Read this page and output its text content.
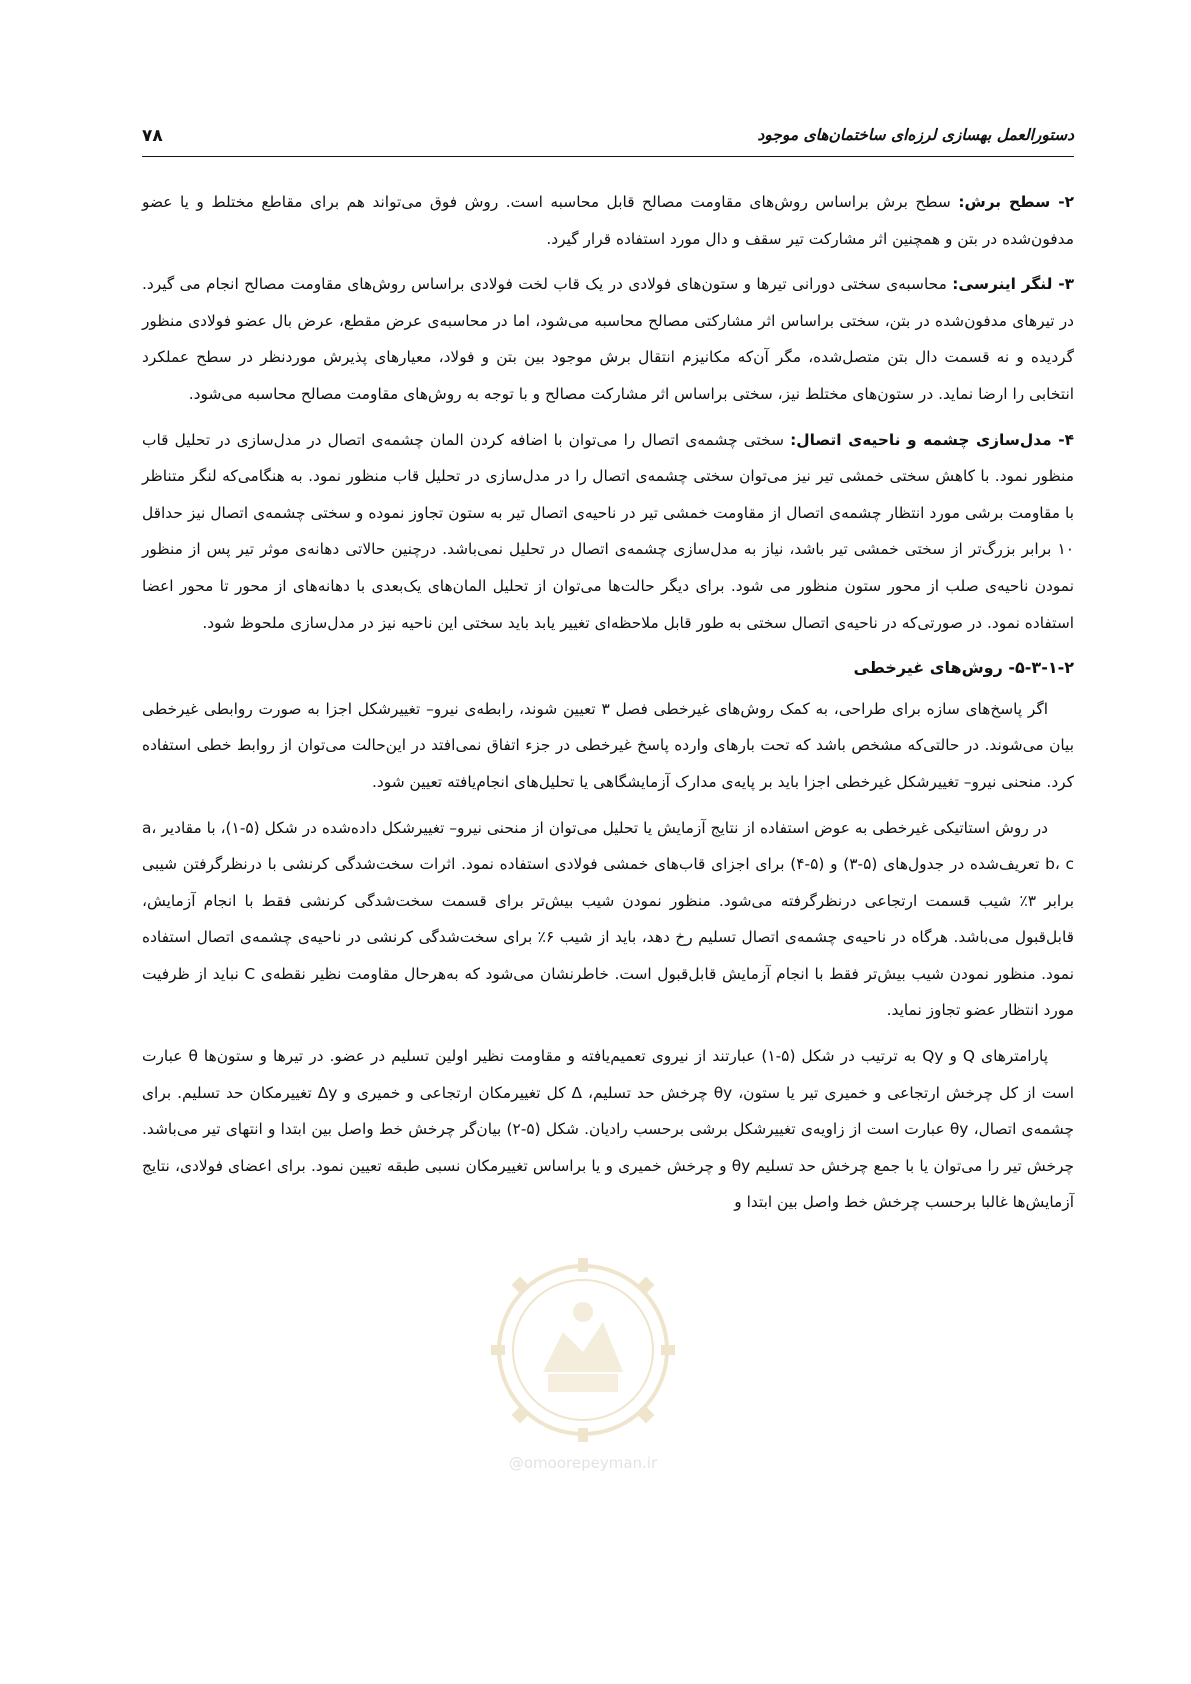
۷۸	دستورالعمل بهسازی لرزه‌ای ساختمان‌های موجود

۲- سطح برش: سطح برش براساس روش‌های مقاومت مصالح قابل محاسبه است. روش فوق می‌تواند هم برای مقاطع مختلط و یا عضو مدفون‌شده در بتن و همچنین اثر مشارکت تیر سقف و دال مورد استفاده قرار گیرد.

۳- لنگر اینرسی: محاسبه‌ی سختی دورانی تیرها و ستون‌های فولادی در یک قاب لخت فولادی براساس روش‌های مقاومت مصالح انجام می گیرد. در تیرهای مدفون‌شده در بتن، سختی براساس اثر مشارکتی مصالح محاسبه می‌شود، اما در محاسبه‌ی عرض مقطع، عرض بال عضو فولادی منظور گردیده و نه قسمت دال بتن متصل‌شده، مگر آن‌که مکانیزم انتقال برش موجود بین بتن و فولاد، معیارهای پذیرش موردنظر در سطح عملکرد انتخابی را ارضا نماید. در ستون‌های مختلط نیز، سختی براساس اثر مشارکت مصالح و با توجه به روش‌های مقاومت مصالح محاسبه می‌شود.

۴- مدل‌سازی چشمه و ناحیه‌ی اتصال: سختی چشمه‌ی اتصال را می‌توان با اضافه کردن المان چشمه‌ی اتصال در مدل‌سازی در تحلیل قاب منظور نمود. با کاهش سختی خمشی تیر نیز می‌توان سختی چشمه‌ی اتصال را در مدل‌سازی در تحلیل قاب منظور نمود. به هنگامی‌که لنگر متناظر با مقاومت برشی مورد انتظار چشمه‌ی اتصال از مقاومت خمشی تیر در ناحیه‌ی اتصال تیر به ستون تجاوز نموده و سختی چشمه‌ی اتصال نیز حداقل ۱۰ برابر بزرگ‌تر از سختی خمشی تیر باشد، نیاز به مدل‌سازی چشمه‌ی اتصال در تحلیل نمی‌باشد. درچنین حالاتی دهانه‌ی موثر تیر پس از منظور نمودن ناحیه‌ی صلب از محور ستون منظور می شود. برای دیگر حالت‌ها می‌توان از تحلیل المان‌های یک‌بعدی با دهانه‌های از محور تا محور اعضا استفاده نمود. در صورتی‌که در ناحیه‌ی اتصال سختی به طور قابل ملاحظه‌ای تغییر یابد باید سختی این ناحیه نیز در مدل‌سازی ملحوظ شود.

۵-۳-۱-۲- روش‌های غیرخطی

اگر پاسخ‌های سازه برای طراحی، به کمک روش‌های غیرخطی فصل ۳ تعیین شوند، رابطه‌ی نیرو– تغییرشکل اجزا به صورت روابطی غیرخطی بیان می‌شوند. در حالتی‌که مشخص باشد که تحت بارهای وارده پاسخ غیرخطی در جزء اتفاق نمی‌افتد در این‌حالت می‌توان از روابط خطی استفاده کرد. منحنی نیرو– تغییرشکل غیرخطی اجزا باید بر پایه‌ی مدارک آزمایشگاهی یا تحلیل‌های انجام‌یافته تعیین شود.

در روش استاتیکی غیرخطی به عوض استفاده از نتایج آزمایش یا تحلیل می‌توان از منحنی نیرو– تغییرشکل داده‌شده در شکل (۵-۱)، با مقادیر a، b، c تعریف‌شده در جدول‌های (۵-۳) و (۵-۴) برای اجزای قاب‌های خمشی فولادی استفاده نمود. اثرات سخت‌شدگی کرنشی با درنظرگرفتن شیبی برابر ۳٪ شیب قسمت ارتجاعی درنظرگرفته می‌شود. منظور نمودن شیب بیش‌تر برای قسمت سخت‌شدگی کرنشی فقط با انجام آزمایش، قابل‌قبول می‌باشد. هرگاه در ناحیه‌ی چشمه‌ی اتصال تسلیم رخ دهد، باید از شیب ۶٪ برای سخت‌شدگی کرنشی در ناحیه‌ی چشمه‌ی اتصال استفاده نمود. منظور نمودن شیب بیش‌تر فقط با انجام آزمایش قابل‌قبول است. خاطرنشان می‌شود که به‌هرحال مقاومت نظیر نقطه‌ی C نباید از ظرفیت مورد انتظار عضو تجاوز نماید.

پارامترهای Q و Qy به ترتیب در شکل (۵-۱) عبارتند از نیروی تعمیم‌یافته و مقاومت نظیر اولین تسلیم در عضو. در تیرها و ستون‌ها θ عبارت است از کل چرخش ارتجاعی و خمیری تیر یا ستون، θy چرخش حد تسلیم، Δ کل تغییرمکان ارتجاعی و خمیری و Δy تغییرمکان حد تسلیم. برای چشمه‌ی اتصال، θy عبارت است از زاویه‌ی تغییرشکل برشی برحسب رادیان. شکل (۵-۲) بیان‌گر چرخش خط واصل بین ابتدا و انتهای تیر می‌باشد. چرخش تیر را می‌توان یا با جمع چرخش حد تسلیم θy و چرخش خمیری و یا براساس تغییرمکان نسبی طبقه تعیین نمود. برای اعضای فولادی، نتایج آزمایش‌ها غالبا برحسب چرخش خط واصل بین ابتدا و

@omoorepeyman.ir
